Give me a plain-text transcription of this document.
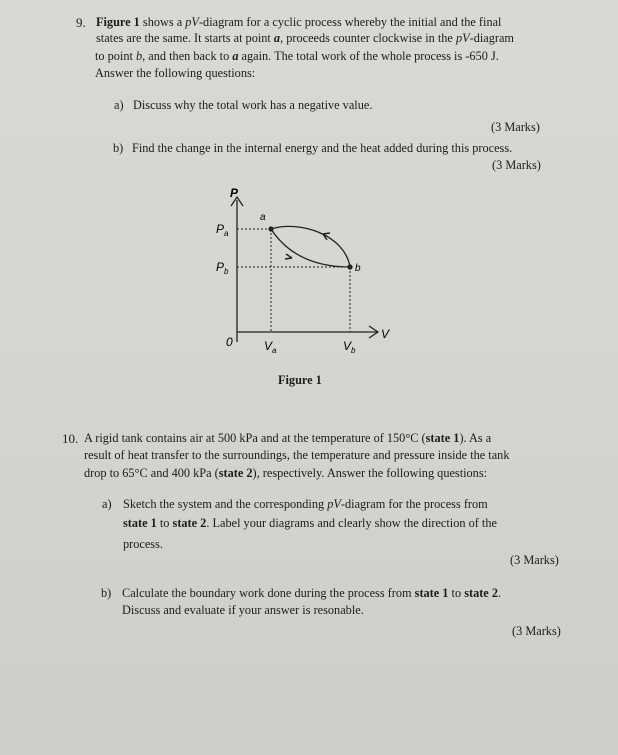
9. Figure 1 shows a pV-diagram for a cyclic process whereby the initial and the final
states are the same. It starts at point a, proceeds counter clockwise in the pV-diagram
to point b, and then back to a again. The total work of the whole process is -650 J.
Answer the following questions:
a) Discuss why the total work has a negative value.
(3 Marks)
b) Find the change in the internal energy and the heat added during this process.
(3 Marks)
P
$P_a$
$P_b$
0	$V_a$	$V_b$
V
a
b
Figure 1
10. A rigid tank contains air at 500 kPa and at the temperature of 150°C (state 1). As a
result of heat transfer to the surroundings, the temperature and pressure inside the tank
drop to 65°C and 400 kPa (state 2), respectively. Answer the following questions:
a) Sketch the system and the corresponding pV-diagram for the process from
state 1 to state 2. Label your diagrams and clearly show the direction of the
process.
(3 Marks)
b) Calculate the boundary work done during the process from state 1 to state 2.
Discuss and evaluate if your answer is resonable.
(3 Marks)
